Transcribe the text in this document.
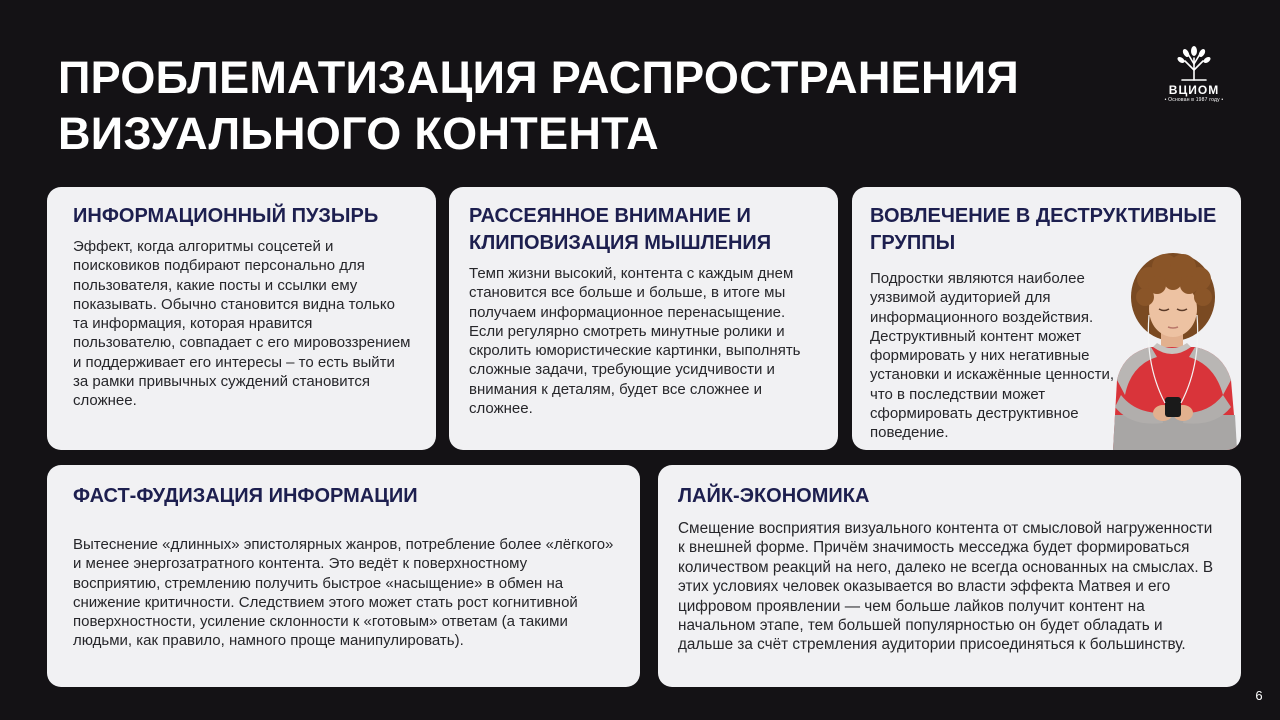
ПРОБЛЕМАТИЗАЦИЯ РАСПРОСТРАНЕНИЯ ВИЗУАЛЬНОГО КОНТЕНТА
ВЦИОМ
• Основан в 1987 году •
ИНФОРМАЦИОННЫЙ ПУЗЫРЬ

Эффект, когда алгоритмы соцсетей и поисковиков подбирают персонально для пользователя, какие посты и ссылки ему показывать. Обычно становится видна только та информация, которая нравится пользователю, совпадает с его мировоззрением и поддерживает его интересы – то есть выйти за рамки привычных суждений становится сложнее.

РАССЕЯННОЕ ВНИМАНИЕ И КЛИПОВИЗАЦИЯ МЫШЛЕНИЯ

Темп жизни высокий, контента с каждым днем становится все больше и больше, в итоге мы получаем информационное перенасыщение. Если регулярно смотреть минутные ролики и скролить юмористические картинки, выполнять сложные задачи, требующие усидчивости и внимания к деталям, будет все сложнее и сложнее.

ВОВЛЕЧЕНИЕ В ДЕСТРУКТИВНЫЕ ГРУППЫ

Подростки являются наиболее уязвимой аудиторией для информационного воздействия. Деструктивный контент может формировать у них негативные установки и искажённые ценности, что в последствии может сформировать деструктивное поведение.

ФАСТ-ФУДИЗАЦИЯ ИНФОРМАЦИИ

Вытеснение «длинных» эпистолярных жанров, потребление более «лёгкого» и менее энергозатратного контента. Это ведёт к поверхностному восприятию, стремлению получить быстрое «насыщение» в обмен на снижение критичности. Следствием этого может стать рост когнитивной поверхностности, усиление склонности к «готовым» ответам (а такими людьми, как правило, намного проще манипулировать).

ЛАЙК-ЭКОНОМИКА

Смещение восприятия визуального контента от смысловой нагруженности к внешней форме. Причём значимость месседжа будет формироваться количеством реакций на него, далеко не всегда основанных на смыслах. В этих условиях человек оказывается во власти эффекта Матвея и его цифровом проявлении — чем больше лайков получит контент на начальном этапе, тем большей популярностью он будет обладать и дальше за счёт стремления аудитории присоединяться к большинству.

6
